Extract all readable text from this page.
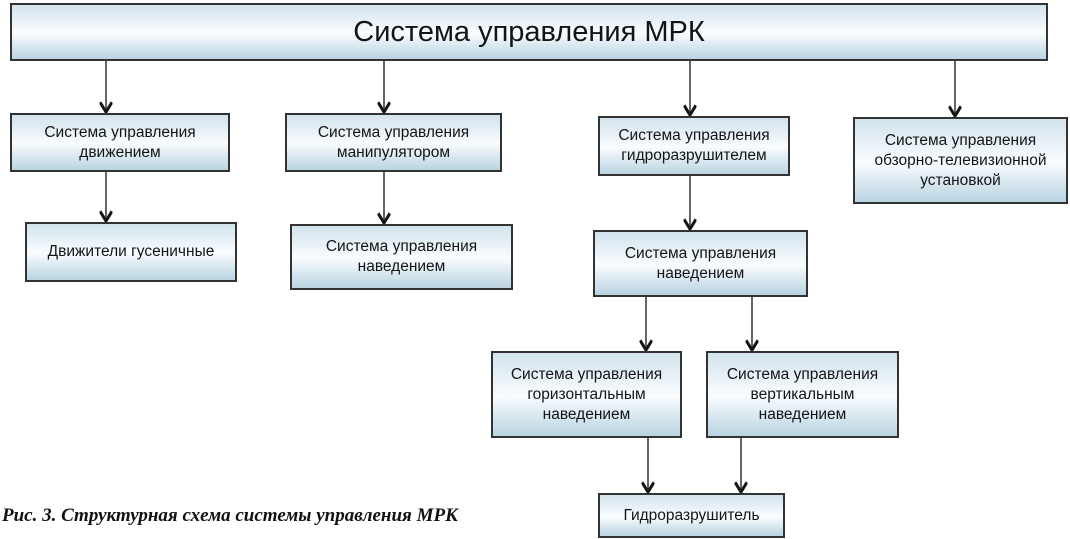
Система управления МРК
Система управления движением
Система управления манипулятором
Система управления гидроразрушителем
Система управления обзорно-телевизионной установкой
Движители гусеничные	Система управления наведением
Система управления наведением
Система управления горизонтальным наведением
Система управления вертикальным наведением
Гидроразрушитель
Рис. 3. Структурная схема системы управления МРК
